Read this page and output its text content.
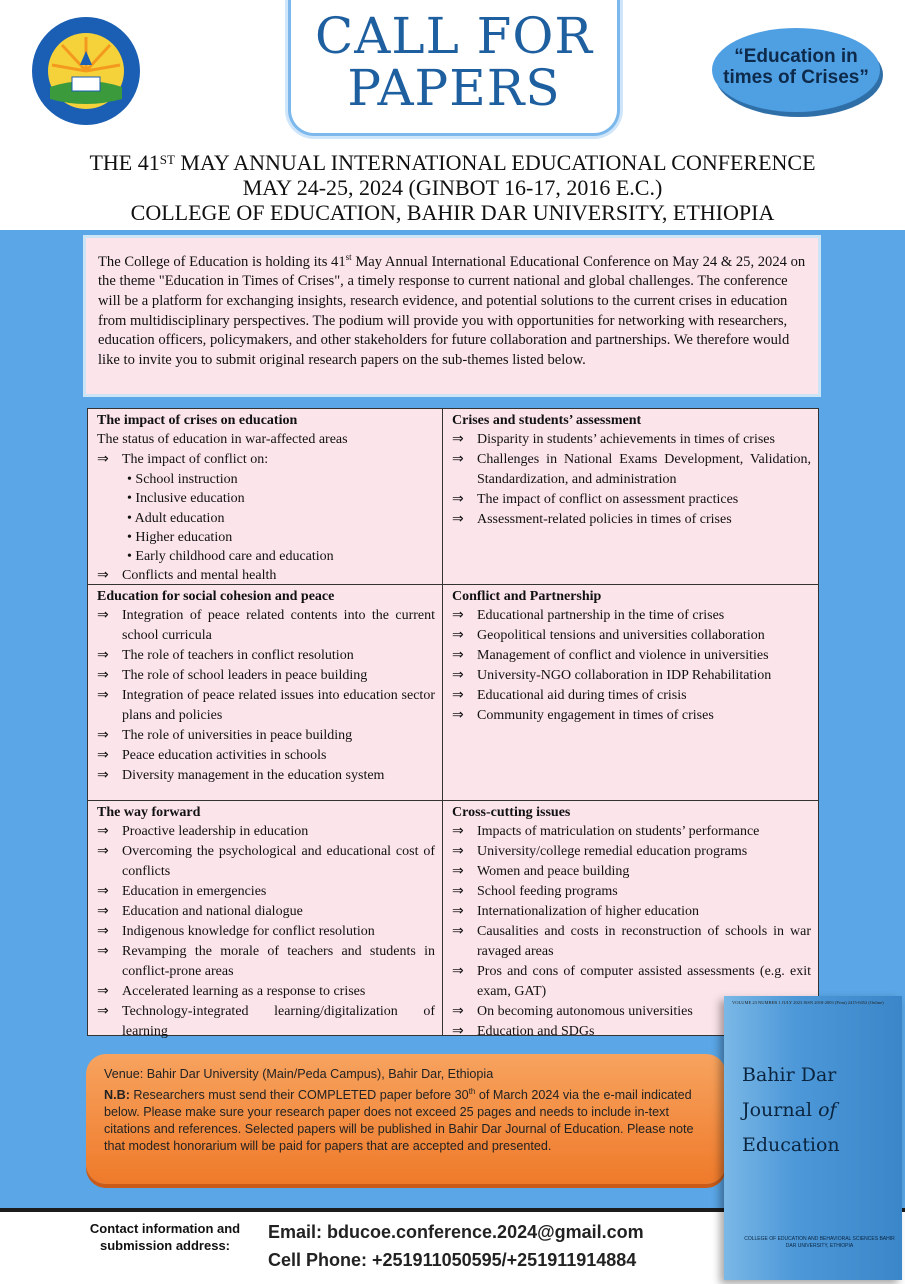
CALL FOR
PAPERS
“Education in
times of Crises”
THE 41ST MAY ANNUAL INTERNATIONAL EDUCATIONAL CONFERENCE
MAY 24-25, 2024 (GINBOT 16-17, 2016 E.C.)
COLLEGE OF EDUCATION, BAHIR DAR UNIVERSITY, ETHIOPIA
The College of Education is holding its 41st May Annual International Educational Conference on May 24 & 25, 2024 on the theme "Education in Times of Crises", a timely response to current national and global challenges. The conference will be a platform for exchanging insights, research evidence, and potential solutions to the current crises in education from multidisciplinary perspectives. The podium will provide you with opportunities for networking with researchers, education officers, policymakers, and other stakeholders for future collaboration and partnerships. We therefore would like to invite you to submit original research papers on the sub-themes listed below.
The impact of crises on education
The status of education in war-affected areas
⇒ The impact of conflict on:
• School instruction
• Inclusive education
• Adult education
• Higher education
• Early childhood care and education
⇒ Conflicts and mental health
Crises and students’ assessment
⇒ Disparity in students’ achievements in times of crises
⇒ Challenges in National Exams Development, Validation, Standardization, and administration
⇒ The impact of conflict on assessment practices
⇒ Assessment-related policies in times of crises
Education for social cohesion and peace
⇒ Integration of peace related contents into the current school curricula
⇒ The role of teachers in conflict resolution
⇒ The role of school leaders in peace building
⇒ Integration of peace related issues into education sector plans and policies
⇒ The role of universities in peace building
⇒ Peace education activities in schools
⇒ Diversity management in the education system
Conflict and Partnership
⇒ Educational partnership in the time of crises
⇒ Geopolitical tensions and universities collaboration
⇒ Management of conflict and violence in universities
⇒ University-NGO collaboration in IDP Rehabilitation
⇒ Educational aid during times of crisis
⇒ Community engagement in times of crises
The way forward
⇒ Proactive leadership in education
⇒ Overcoming the psychological and educational cost of conflicts
⇒ Education in emergencies
⇒ Education and national dialogue
⇒ Indigenous knowledge for conflict resolution
⇒ Revamping the morale of teachers and students in conflict-prone areas
⇒ Accelerated learning as a response to crises
⇒ Technology-integrated learning/digitalization of learning
Cross-cutting issues
⇒ Impacts of matriculation on students’ performance
⇒ University/college remedial education programs
⇒ Women and peace building
⇒ School feeding programs
⇒ Internationalization of higher education
⇒ Causalities and costs in reconstruction of schools in war ravaged areas
⇒ Pros and cons of computer assisted assessments (e.g. exit exam, GAT)
⇒ On becoming autonomous universities
⇒ Education and SDGs
Venue: Bahir Dar University (Main/Peda Campus), Bahir Dar, Ethiopia
N.B: Researchers must send their COMPLETED paper before 30th of March 2024 via the e-mail indicated below. Please make sure your research paper does not exceed 25 pages and needs to include in-text citations and references. Selected papers will be published in Bahir Dar Journal of Education. Please note that modest honorarium will be paid for papers that are accepted and presented.
Contact information and submission address:
Email: bducoe.conference.2024@gmail.com
Cell Phone: +251911050595/+251911914884
VOLUME 23 NUMBER 1 JULY 2023 ISSN 2018-2003 (Print) 2415-0452 (Online)
Bahir Dar
Journal of
Education
COLLEGE OF EDUCATION AND BEHAVIORAL SCIENCES BAHIR DAR UNIVERSITY, ETHIOPIA
